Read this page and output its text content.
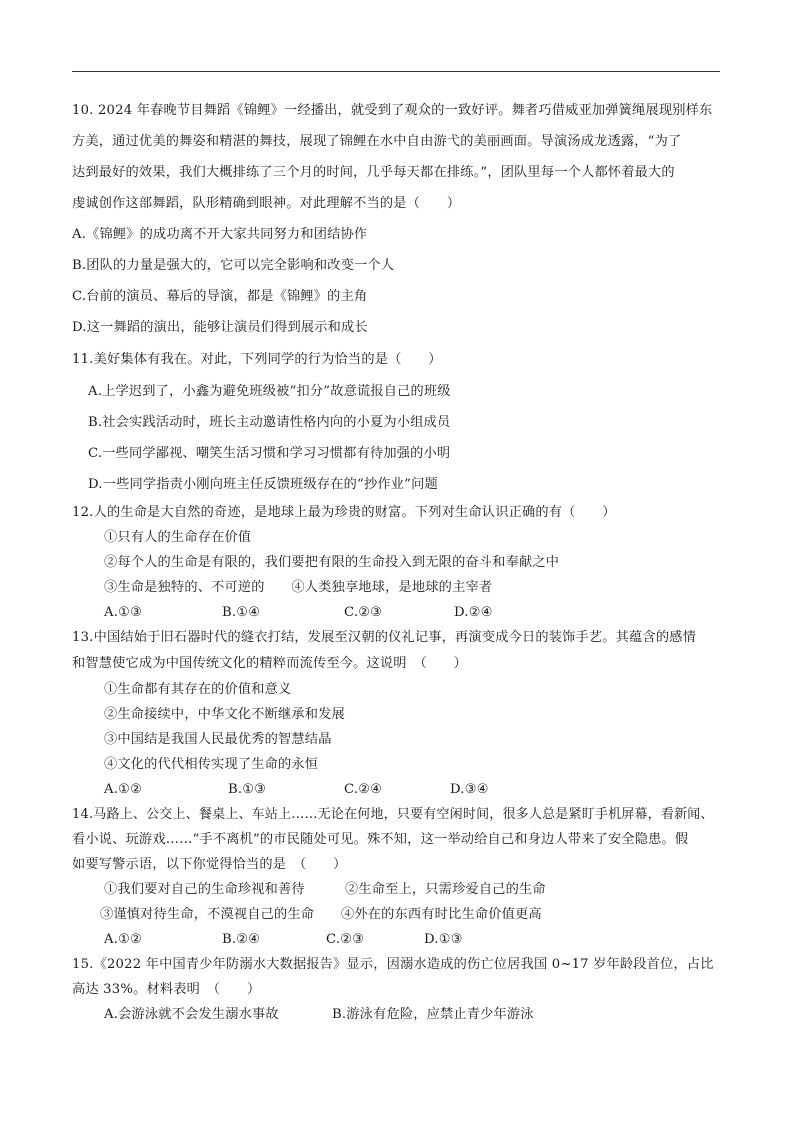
10. 2024 年春晚节目舞蹈《锦鲤》一经播出，就受到了观众的一致好评。舞者巧借威亚加弹簧绳展现别样东
方美，通过优美的舞姿和精湛的舞技，展现了锦鲤在水中自由游弋的美丽画面。导演汤成龙透露，“为了
达到最好的效果，我们大概排练了三个月的时间，几乎每天都在排练。”，团队里每一个人都怀着最大的
虔诚创作这部舞蹈，队形精确到眼神。对此理解不当的是（　　）
A.《锦鲤》的成功离不开大家共同努力和团结协作
B.团队的力量是强大的，它可以完全影响和改变一个人
C.台前的演员、幕后的导演，都是《锦鲤》的主角
D.这一舞蹈的演出，能够让演员们得到展示和成长
11.美好集体有我在。对此，下列同学的行为恰当的是（　　）
A.上学迟到了，小鑫为避免班级被“扣分”故意谎报自己的班级
B.社会实践活动时，班长主动邀请性格内向的小夏为小组成员
C.一些同学鄙视、嘲笑生活习惯和学习习惯都有待加强的小明
D.一些同学指责小刚向班主任反馈班级存在的“抄作业”问题
12.人的生命是大自然的奇迹，是地球上最为珍贵的财富。下列对生命认识正确的有（　　）
①只有人的生命存在价值
②每个人的生命是有限的，我们要把有限的生命投入到无限的奋斗和奉献之中
③生命是独特的、不可逆的　　④人类独享地球，是地球的主宰者
A.①③	B.①④	C.②③	D.②④
13.中国结始于旧石器时代的缝衣打结，发展至汉朝的仪礼记事，再演变成今日的装饰手艺。其蕴含的感情
和智慧使它成为中国传统文化的精粹而流传至今。这说明　（　　）
①生命都有其存在的价值和意义
②生命接续中，中华文化不断继承和发展
③中国结是我国人民最优秀的智慧结晶
④文化的代代相传实现了生命的永恒
A.①②	B.①③	C.②④	D.③④
14.马路上、公交上、餐桌上、车站上……无论在何地，只要有空闲时间，很多人总是紧盯手机屏幕，看新闻、
看小说、玩游戏……“手不离机”的市民随处可见。殊不知，这一举动给自己和身边人带来了安全隐患。假
如要写警示语，以下你觉得恰当的是　（　　）
①我们要对自己的生命珍视和善待　　　②生命至上，只需珍爱自己的生命
③谨慎对待生命，不漠视自己的生命　　④外在的东西有时比生命价值更高
A.①②	B.②④	C.②③	D.①③
15.《2022 年中国青少年防溺水大数据报告》显示，因溺水造成的伤亡位居我国 0~17 岁年龄段首位，占比
高达 33%。材料表明　（　　）
A.会游泳就不会发生溺水事故	B.游泳有危险，应禁止青少年游泳
